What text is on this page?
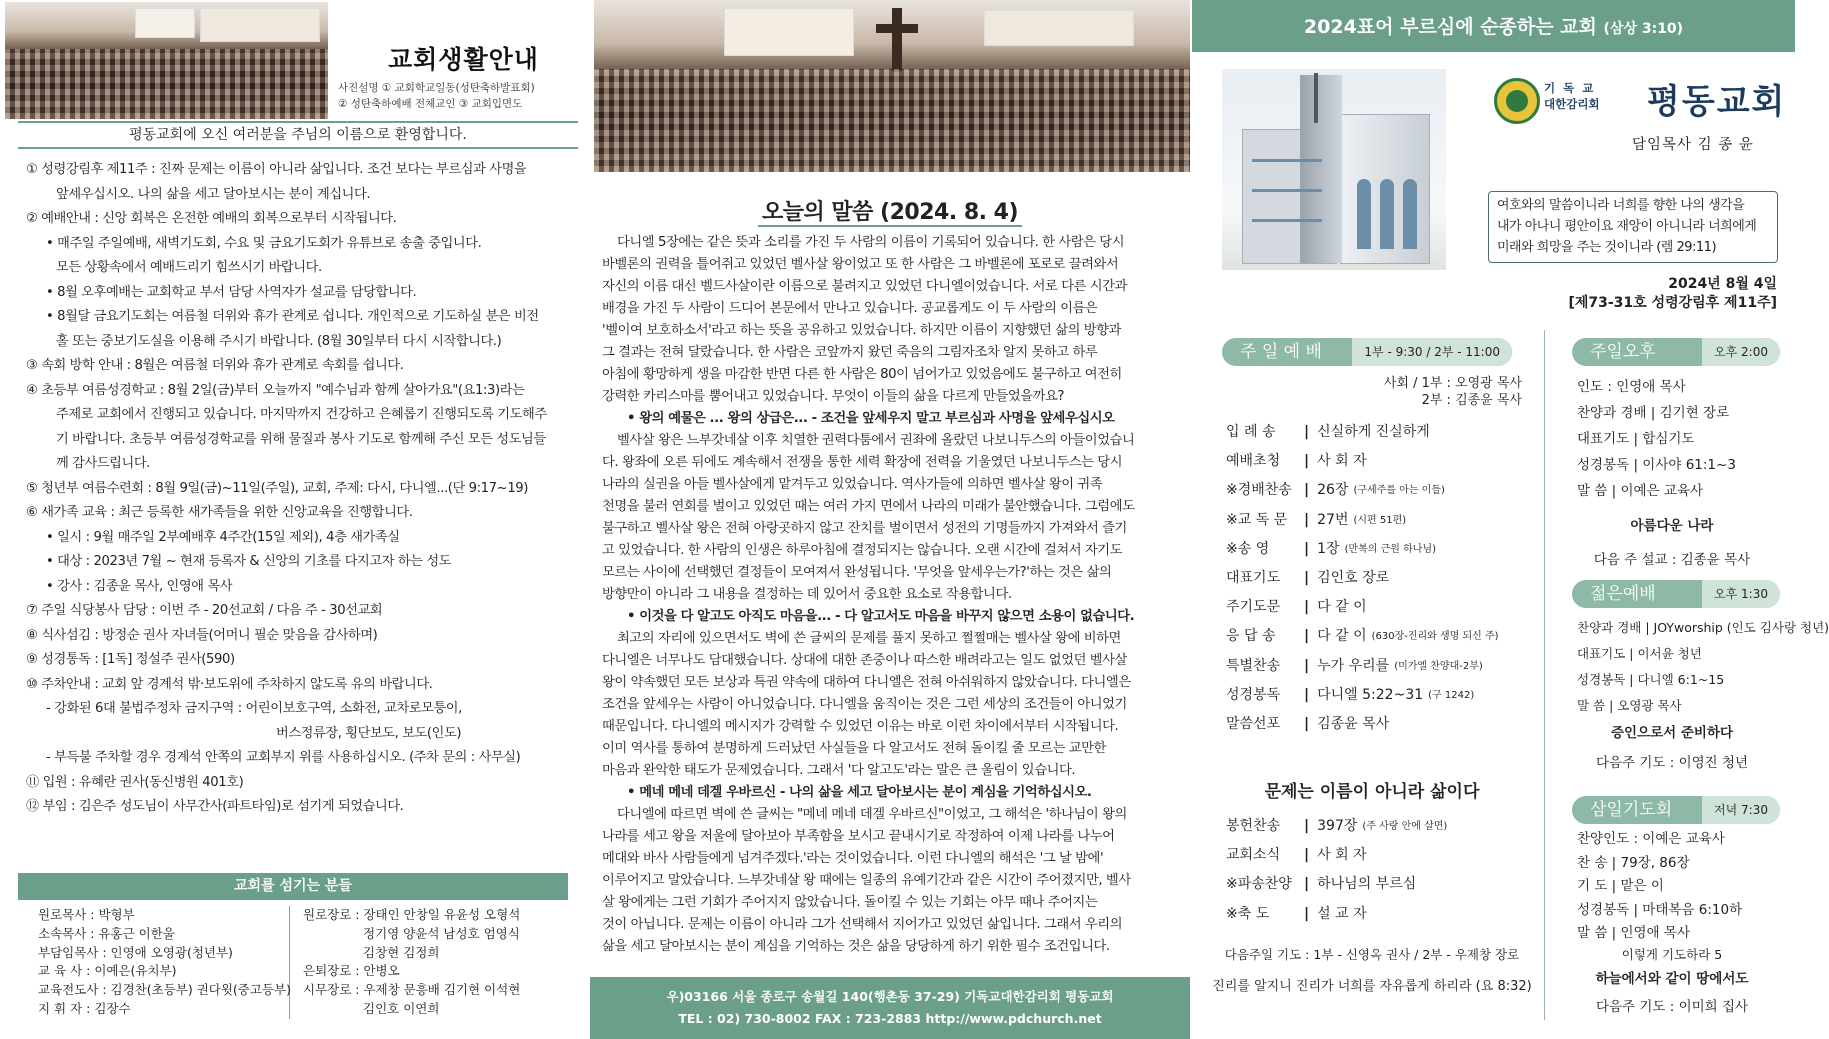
교회생활안내
사진설명 ① 교회학교일동(성탄축하발표회)
② 성탄축하예배 전체교인 ③ 교회입면도
평동교회에 오신 여러분을 주님의 이름으로 환영합니다.
① 성령강림후 제11주 : 진짜 문제는 이름이 아니라 삶입니다. 조건 보다는 부르심과 사명을
앞세우십시오. 나의 삶을 세고 달아보시는 분이 계십니다.
② 예배안내 : 신앙 회복은 온전한 예배의 회복으로부터 시작됩니다.
• 매주일 주일예배, 새벽기도회, 수요 및 금요기도회가 유튜브로 송출 중입니다.
모든 상황속에서 예배드리기 힘쓰시기 바랍니다.
• 8월 오후예배는 교회학교 부서 담당 사역자가 설교를 담당합니다.
• 8월달 금요기도회는 여름철 더위와 휴가 관계로 쉽니다. 개인적으로 기도하실 분은 비전
홀 또는 중보기도실을 이용해 주시기 바랍니다. (8월 30일부터 다시 시작합니다.)
③ 속회 방학 안내 : 8월은 여름철 더위와 휴가 관계로 속회를 쉽니다.
④ 초등부 여름성경학교 : 8월 2일(금)부터 오늘까지 "예수님과 함께 살아가요"(요1:3)라는
주제로 교회에서 진행되고 있습니다. 마지막까지 건강하고 은혜롭기 진행되도록 기도해주
기 바랍니다. 초등부 여름성경학교를 위해 물질과 봉사 기도로 함께해 주신 모든 성도님들
께 감사드립니다.
⑤ 청년부 여름수련회 : 8월 9일(금)~11일(주일), 교회, 주제: 다시, 다니엘...(단 9:17~19)
⑥ 새가족 교육 : 최근 등록한 새가족들을 위한 신앙교육을 진행합니다.
• 일시 : 9월 매주일 2부예배후 4주간(15일 제외), 4층 새가족실
• 대상 : 2023년 7월 ~ 현재 등록자 & 신앙의 기초를 다지고자 하는 성도
• 강사 : 김종윤 목사, 인영애 목사
⑦ 주일 식당봉사 담당 : 이번 주 - 20선교회 / 다음 주 - 30선교회
⑧ 식사섬김 : 방정순 권사 자녀들(어머니 필순 맞음을 감사하며)
⑨ 성경통독 : [1독] 정설주 권사(590)
⑩ 주차안내 : 교회 앞 경계석 밖·보도위에 주차하지 않도록 유의 바랍니다.
- 강화된 6대 불법주정차 금지구역 : 어린이보호구역, 소화전, 교차로모퉁이,
버스정류장, 횡단보도, 보도(인도)
- 부득불 주차할 경우 경계석 안쪽의 교회부지 위를 사용하십시오. (주차 문의 : 사무실)
⑪ 입원 : 유혜란 권사(동신병원 401호)
⑫ 부임 : 김은주 성도님이 사무간사(파트타임)로 섬기게 되었습니다.
교회를 섬기는 분들
원로목사 : 박형부
소속목사 : 유홍근 이한울
부담임목사 : 인영애 오영광(청년부)
교 육 사 : 이예은(유치부)
교육전도사 : 김경찬(초등부) 권다윗(중고등부)
지 휘 자 : 김장수
원로장로 : 장태인 안창일 유윤성 오형석
정기영 양윤석 남성호 엄영식
김창현 김정희
은퇴장로 : 안병오
시무장로 : 우제창 문흥배 김기현 이석현
김인호 이연희
오늘의 말씀 (2024. 8. 4)
다니엘 5장에는 같은 뜻과 소리를 가진 두 사람의 이름이 기록되어 있습니다. 한 사람은 당시
바벨론의 권력을 틀어쥐고 있었던 벨사살 왕이었고 또 한 사람은 그 바벨론에 포로로 끌려와서
자신의 이름 대신 벨드사살이란 이름으로 불려지고 있었던 다니엘이었습니다. 서로 다른 시간과
배경을 가진 두 사람이 드디어 본문에서 만나고 있습니다. 공교롭게도 이 두 사람의 이름은
'벨이여 보호하소서'라고 하는 뜻을 공유하고 있었습니다. 하지만 이름이 지향했던 삶의 방향과
그 결과는 전혀 달랐습니다. 한 사람은 코앞까지 왔던 죽음의 그림자조차 알지 못하고 하루
아침에 황망하게 생을 마감한 반면 다른 한 사람은 80이 넘어가고 있었음에도 불구하고 여전히
강력한 카리스마를 뿜어내고 있었습니다. 무엇이 이들의 삶을 다르게 만들었을까요?
• 왕의 예물은 ... 왕의 상급은... - 조건을 앞세우지 말고 부르심과 사명을 앞세우십시오
벨사살 왕은 느부갓네살 이후 치열한 권력다툼에서 권좌에 올랐던 나보니두스의 아들이었습니
다. 왕좌에 오른 뒤에도 계속해서 전쟁을 통한 세력 확장에 전력을 기울였던 나보니두스는 당시
나라의 실권을 아들 벨사살에게 맡겨두고 있었습니다. 역사가들에 의하면 벨사살 왕이 귀족
천명을 불러 연회를 벌이고 있었던 때는 여러 가지 면에서 나라의 미래가 불안했습니다. 그럼에도
불구하고 벨사살 왕은 전혀 아랑곳하지 않고 잔치를 벌이면서 성전의 기명들까지 가져와서 즐기
고 있었습니다. 한 사람의 인생은 하루아침에 결정되지는 않습니다. 오랜 시간에 걸쳐서 자기도
모르는 사이에 선택했던 결정들이 모여져서 완성됩니다. '무엇을 앞세우는가?'하는 것은 삶의
방향만이 아니라 그 내용을 결정하는 데 있어서 중요한 요소로 작용합니다.
• 이것을 다 알고도 아직도 마음을... - 다 알고서도 마음을 바꾸지 않으면 소용이 없습니다.
최고의 자리에 있으면서도 벽에 쓴 글씨의 문제를 풀지 못하고 쩔쩔매는 벨사살 왕에 비하면
다니엘은 너무나도 담대했습니다. 상대에 대한 존중이나 따스한 배려라고는 일도 없었던 벨사살
왕이 약속했던 모든 보상과 특권 약속에 대하여 다니엘은 전혀 아쉬워하지 않았습니다. 다니엘은
조건을 앞세우는 사람이 아니었습니다. 다니엘을 움직이는 것은 그런 세상의 조건들이 아니었기
때문입니다. 다니엘의 메시지가 강력할 수 있었던 이유는 바로 이런 차이에서부터 시작됩니다.
이미 역사를 통하여 분명하게 드러났던 사실들을 다 알고서도 전혀 돌이킬 줄 모르는 교만한
마음과 완악한 태도가 문제였습니다. 그래서 '다 알고도'라는 말은 큰 울림이 있습니다.
• 메네 메네 데겔 우바르신 - 나의 삶을 세고 달아보시는 분이 계심을 기억하십시오.
다니엘에 따르면 벽에 쓴 글씨는 "메네 메네 데겔 우바르신"이었고, 그 해석은 '하나님이 왕의
나라를 세고 왕을 저울에 달아보아 부족함을 보시고 끝내시기로 작정하여 이제 나라를 나누어
메대와 바사 사람들에게 넘겨주겠다.'라는 것이었습니다. 이런 다니엘의 해석은 '그 날 밤에'
이루어지고 말았습니다. 느부갓네살 왕 때에는 일종의 유예기간과 같은 시간이 주어졌지만, 벨사
살 왕에게는 그런 기회가 주어지지 않았습니다. 돌이킬 수 있는 기회는 아무 때나 주어지는
것이 아닙니다. 문제는 이름이 아니라 그가 선택해서 지어가고 있었던 삶입니다. 그래서 우리의
삶을 세고 달아보시는 분이 계심을 기억하는 것은 삶을 당당하게 하기 위한 필수 조건입니다.
우)03166 서울 종로구 송월길 140(행촌동 37-29) 기독교대한감리회 평동교회
TEL : 02) 730-8002 FAX : 723-2883 http://www.pdchurch.net
2024표어 부르심에 순종하는 교회 (삼상 3:10)
기 독 교
대한감리회 평동교회
담임목사 김 종 윤
여호와의 말씀이니라 너희를 향한 나의 생각을
내가 아나니 평안이요 재앙이 아니니라 너희에게
미래와 희망을 주는 것이니라 (렘 29:11)
2024년 8월 4일
[제73-31호 성령강림후 제11주]
주 일 예 배	1부 - 9:30 / 2부 - 11:00
사회 / 1부 : 오영광 목사
2부 : 김종윤 목사
입 례 송	| 신실하게 진실하게
예배초청	| 사 회 자
※경배찬송 | 26장 (구세주를 아는 이들)
※교 독 문	| 27번 (시편 51편)
※송 영	| 1장 (만복의 근원 하나님)
대표기도	| 김인호 장로
주기도문	| 다 같 이
응 답 송	| 다 같 이 (630장-진리와 생명 되신 주)
특별찬송	| 누가 우리를 (미가엘 찬양대-2부)
성경봉독	| 다니엘 5:22~31 (구 1242)
말씀선포	| 김종윤 목사
문제는 이름이 아니라 삶이다
봉헌찬송	| 397장 (주 사랑 안에 살면)
교회소식	| 사 회 자
※파송찬양 | 하나님의 부르심
※축 도	| 설 교 자
다음주일 기도 : 1부 - 신영옥 권사 / 2부 - 우제창 장로
진리를 알지니 진리가 너희를 자유롭게 하리라 (요 8:32)
주일오후	오후 2:00
인도 : 인영애 목사
찬양과 경배 | 김기현 장로
대표기도 | 합심기도
성경봉독 | 이사야 61:1~3
말 씀 | 이예은 교육사
아름다운 나라
다음 주 설교 : 김종윤 목사
젊은예배	오후 1:30
찬양과 경배 | JOYworship (인도 김사랑 청년)
대표기도 | 이서윤 청년
성경봉독 | 다니엘 6:1~15
말 씀 | 오영광 목사
증인으로서 준비하다
다음주 기도 : 이영진 청년
삼일기도회	저녁 7:30
찬양인도 : 이예은 교육사
찬 송 | 79장, 86장
기 도 | 맡은 이
성경봉독 | 마태복음 6:10하
말 씀 | 인영애 목사
이렇게 기도하라 5
하늘에서와 같이 땅에서도
다음주 기도 : 이미희 집사
